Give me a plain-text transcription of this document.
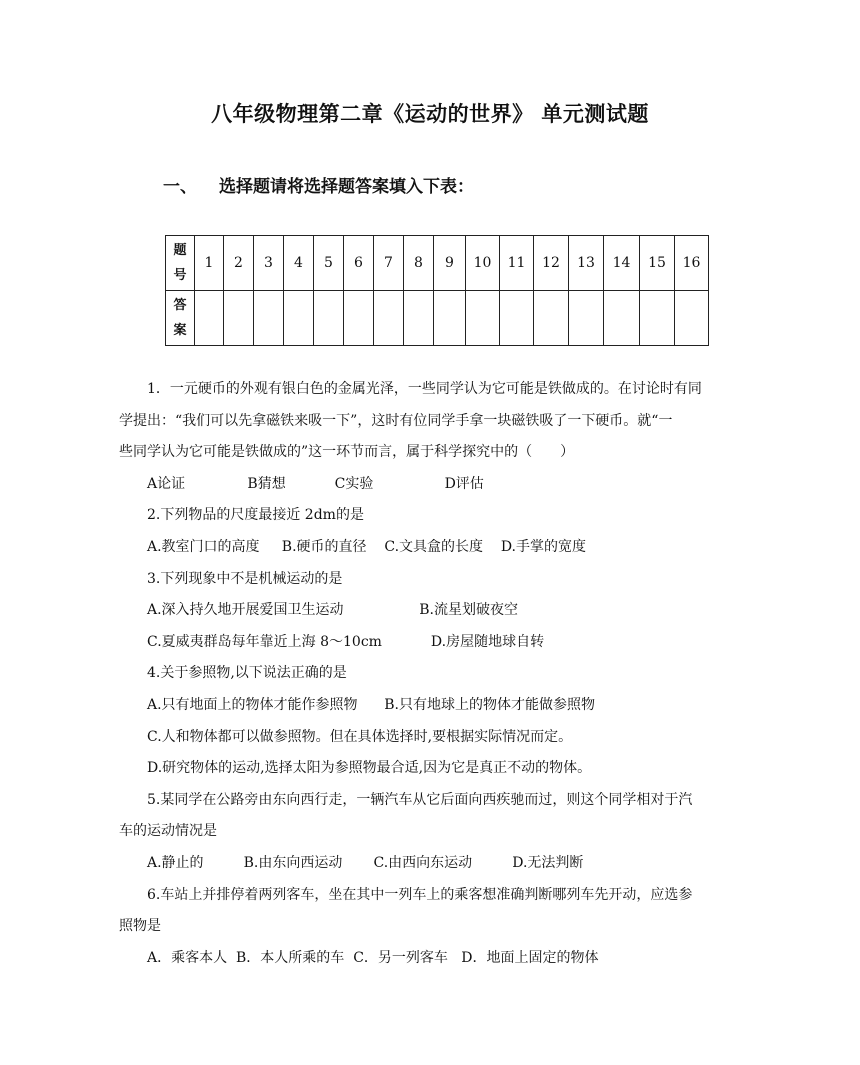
八年级物理第二章《运动的世界》 单元测试题
一、 选择题请将选择题答案填入下表：
题
号	1	2	3	4	5	6	7	8	9	10	11	12	13	14	15	16
答
案																

1．一元硬币的外观有银白色的金属光泽，一些同学认为它可能是铁做成的。在讨论时有同

学提出：“我们可以先拿磁铁来吸一下”，这时有位同学手拿一块磁铁吸了一下硬币。就“一

些同学认为它可能是铁做成的”这一环节而言，属于科学探究中的（　　）

A论证              B猜想           C实验                D评估

2.下列物品的尺度最接近 2dm的是

A.教室门口的高度     B.硬币的直径    C.文具盒的长度    D.手掌的宽度

3.下列现象中不是机械运动的是

A.深入持久地开展爱国卫生运动                 B.流星划破夜空

C.夏威夷群岛每年靠近上海 8～10cm           D.房屋随地球自转

4.关于参照物,以下说法正确的是

A.只有地面上的物体才能作参照物      B.只有地球上的物体才能做参照物

C.人和物体都可以做参照物。但在具体选择时,要根据实际情况而定。

D.研究物体的运动,选择太阳为参照物最合适,因为它是真正不动的物体。

5.某同学在公路旁由东向西行走，一辆汽车从它后面向西疾驰而过，则这个同学相对于汽

车的运动情况是

A.静止的         B.由东向西运动       C.由西向东运动         D.无法判断

6.车站上并排停着两列客车，坐在其中一列车上的乘客想准确判断哪列车先开动，应选参

照物是

A．乘客本人  B．本人所乘的车  C．另一列客车   D．地面上固定的物体
